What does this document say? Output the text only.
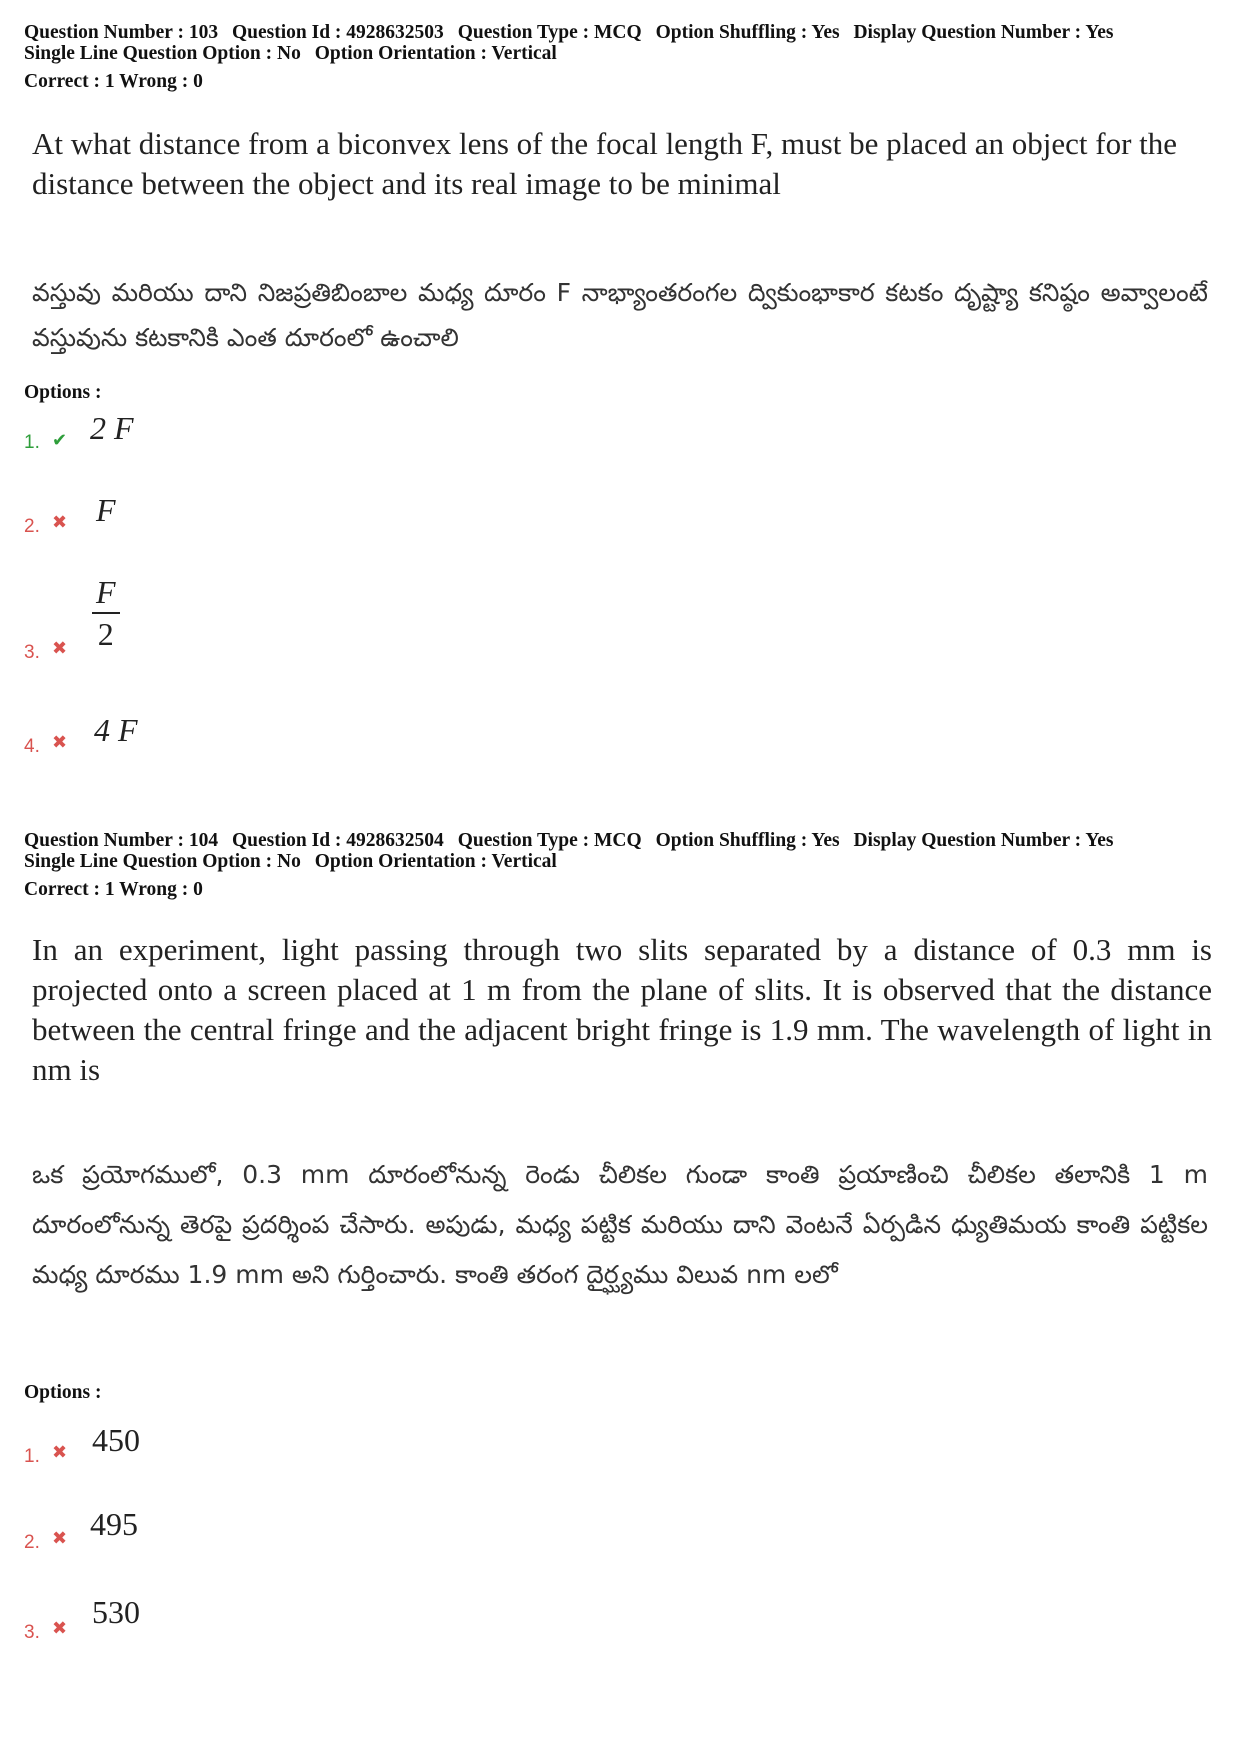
Question Number : 103 Question Id : 4928632503 Question Type : MCQ Option Shuffling : Yes Display Question Number : Yes
Single Line Question Option : No Option Orientation : Vertical
Correct : 1 Wrong : 0
At what distance from a biconvex lens of the focal length F, must be placed an object for the distance between the object and its real image to be minimal
వస్తువు మరియు దాని నిజప్రతిబింబాల మధ్య దూరం F నాభ్యాంతరంగల ద్వికుంభాకార కటకం దృష్ట్యా కనిష్ఠం అవ్వాలంటే వస్తువును కటకానికి ఎంత దూరంలో ఉంచాలి
Options :
1. ✔ 2 F
2. ✖ F
3. ✖
F
2
4. ✖ 4 F
Question Number : 104 Question Id : 4928632504 Question Type : MCQ Option Shuffling : Yes Display Question Number : Yes
Single Line Question Option : No Option Orientation : Vertical
Correct : 1 Wrong : 0
In an experiment, light passing through two slits separated by a distance of 0.3 mm is projected onto a screen placed at 1 m from the plane of slits. It is observed that the distance between the central fringe and the adjacent bright fringe is 1.9 mm. The wavelength of light in nm is
ఒక ప్రయోగములో, 0.3 mm దూరంలోనున్న రెండు చీలికల గుండా కాంతి ప్రయాణించి చీలికల తలానికి 1 m దూరంలోనున్న తెరపై ప్రదర్శింప చేసారు. అపుడు, మధ్య పట్టిక మరియు దాని వెంటనే ఏర్పడిన ధ్యుతిమయ కాంతి పట్టికల మధ్య దూరము 1.9 mm అని గుర్తించారు. కాంతి తరంగ దైర్ఘ్యము విలువ nm లలో
Options :
1. ✖ 450
2. ✖ 495
3. ✖ 530
